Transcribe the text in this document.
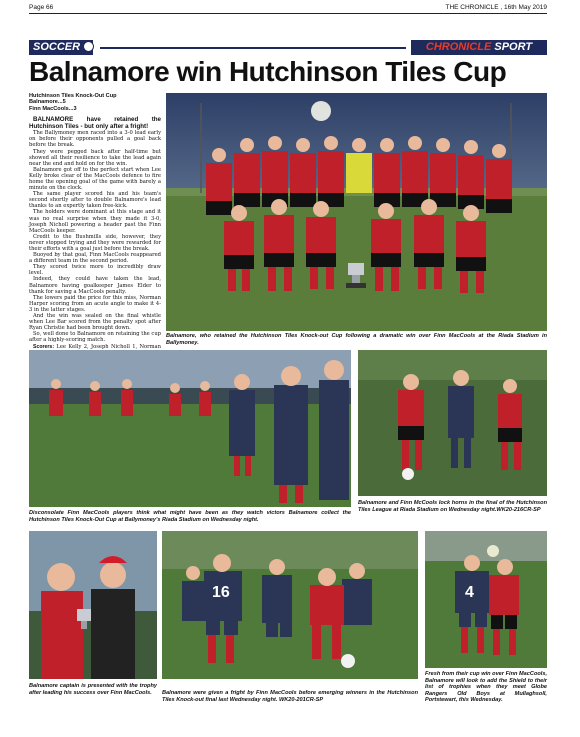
Page 66	THE CHRONICLE , 16th May 2019
SOCCER	CHRONICLE SPORT
Balnamore win Hutchinson Tiles Cup

Hutchinson Tiles Knock-Out Cup

Balnamore...5

Finn MacCools...3

BALNAMORE have retained the Hutchinson Tiles - but only after a fright!

The Ballymoney men raced into a 3-0 lead early on before their opponents pulled a goal back before the break.

They were pegged back after half-time but showed all their resilience to take the lead again near the end and hold on for the win.

Balnamore got off to the perfect start when Lee Kelly broke clear of the MacCools defence to fire home the opening goal of the game with barely a minute on the clock.

The same player scored his and his team's second shortly after to double Balnamore's lead thanks to an expertly taken free-kick.

The holders were dominant at this stage and it was no real surprise when they made it 3-0, Joseph Nicholl powering a header past the Finn MacCools keeper.

Credit to the Bushmills side, however, they never stopped trying and they were rewarded for their efforts with a goal just before the break.

Buoyed by that goal, Finn MacCools reappeared a different team in the second period.

They scored twice more to incredibly draw level.

Indeed, they could have taken the lead, Balnamore having goalkeeper James Elder to thank for saving a MacCools penalty.

The lowers paid the price for this miss, Norman Harper scoring from an acute angle to make it 4-3 in the latter stages.

And the win was sealed on the final whistle when Lee Bar scored from the penalty spot after Ryan Christie had been brought down.

So, well done to Balnamore on retaining the cup after a highly-scoring match.

Scorers: Lee Kelly 2, Joseph Nicholl 1, Norman

Balnamore, who retained the Hutchinson Tiles Knock-out Cup following a dramatic win over Finn MacCools at the Riada Stadium in Ballymoney.
Disconsolate Finn MacCools players think what might have been as they watch victors Balnamore collect the Hutchinson Tiles Knock-Out Cup at Ballymoney's Riada Stadium on Wednesday night.
Balnamore and Finn McCools lock horns in the final of the Hutchinson Tiles League at Riada Stadium on Wednesday night.WK20-216CR-SP
Balnamore captain is presented with the trophy after leading his success over Finn MacCools.
16
Balnamore were given a fright by Finn MacCools before emerging winners in the Hutchinson Tiles Knock-out final last Wednesday night. WK20-201CR-SP
4
Fresh from their cup win over Finn MacCools, Balnamore will look to add the Shield to their list of trophies when they meet Globe Rangers Old Boys at Mullaghsoll, Portstewart, this Wednesday.
